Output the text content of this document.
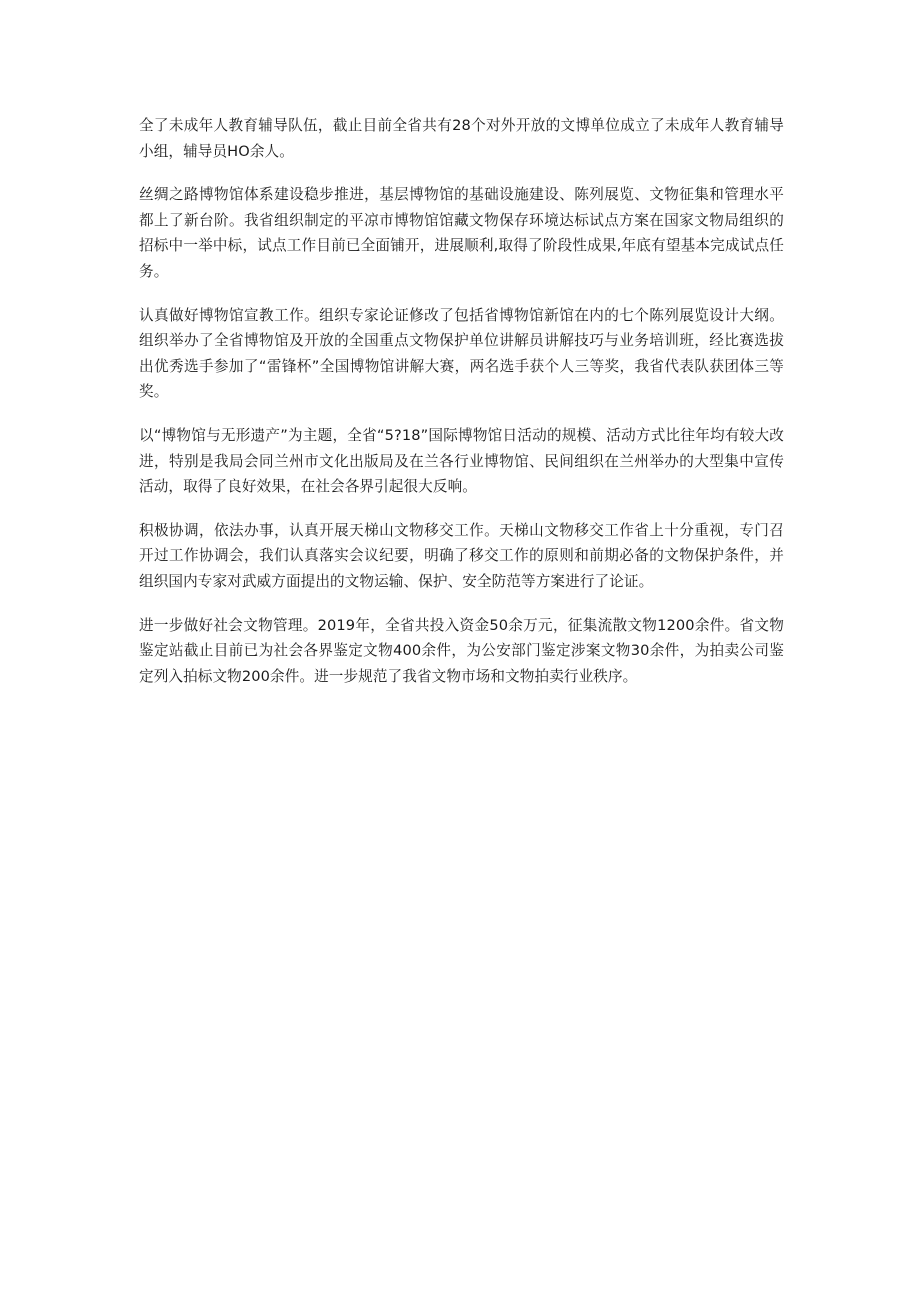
全了未成年人教育辅导队伍，截止目前全省共有28个对外开放的文博单位成立了未成年人教育辅导小组，辅导员HO余人。

丝绸之路博物馆体系建设稳步推进，基层博物馆的基础设施建设、陈列展览、文物征集和管理水平都上了新台阶。我省组织制定的平凉市博物馆馆藏文物保存环境达标试点方案在国家文物局组织的招标中一举中标，试点工作目前已全面铺开，进展顺利,取得了阶段性成果,年底有望基本完成试点任务。

认真做好博物馆宣教工作。组织专家论证修改了包括省博物馆新馆在内的七个陈列展览设计大纲。组织举办了全省博物馆及开放的全国重点文物保护单位讲解员讲解技巧与业务培训班，经比赛选拔出优秀选手参加了“雷锋杯”全国博物馆讲解大赛，两名选手获个人三等奖，我省代表队获团体三等奖。

以“博物馆与无形遗产”为主题，全省“5?18”国际博物馆日活动的规模、活动方式比往年均有较大改进，特别是我局会同兰州市文化出版局及在兰各行业博物馆、民间组织在兰州举办的大型集中宣传活动，取得了良好效果，在社会各界引起很大反响。

积极协调，依法办事，认真开展天梯山文物移交工作。天梯山文物移交工作省上十分重视，专门召开过工作协调会，我们认真落实会议纪要，明确了移交工作的原则和前期必备的文物保护条件，并组织国内专家对武威方面提出的文物运输、保护、安全防范等方案进行了论证。

进一步做好社会文物管理。2019年，全省共投入资金50余万元，征集流散文物1200余件。省文物鉴定站截止目前已为社会各界鉴定文物400余件，为公安部门鉴定涉案文物30余件，为拍卖公司鉴定列入拍标文物200余件。进一步规范了我省文物市场和文物拍卖行业秩序。
